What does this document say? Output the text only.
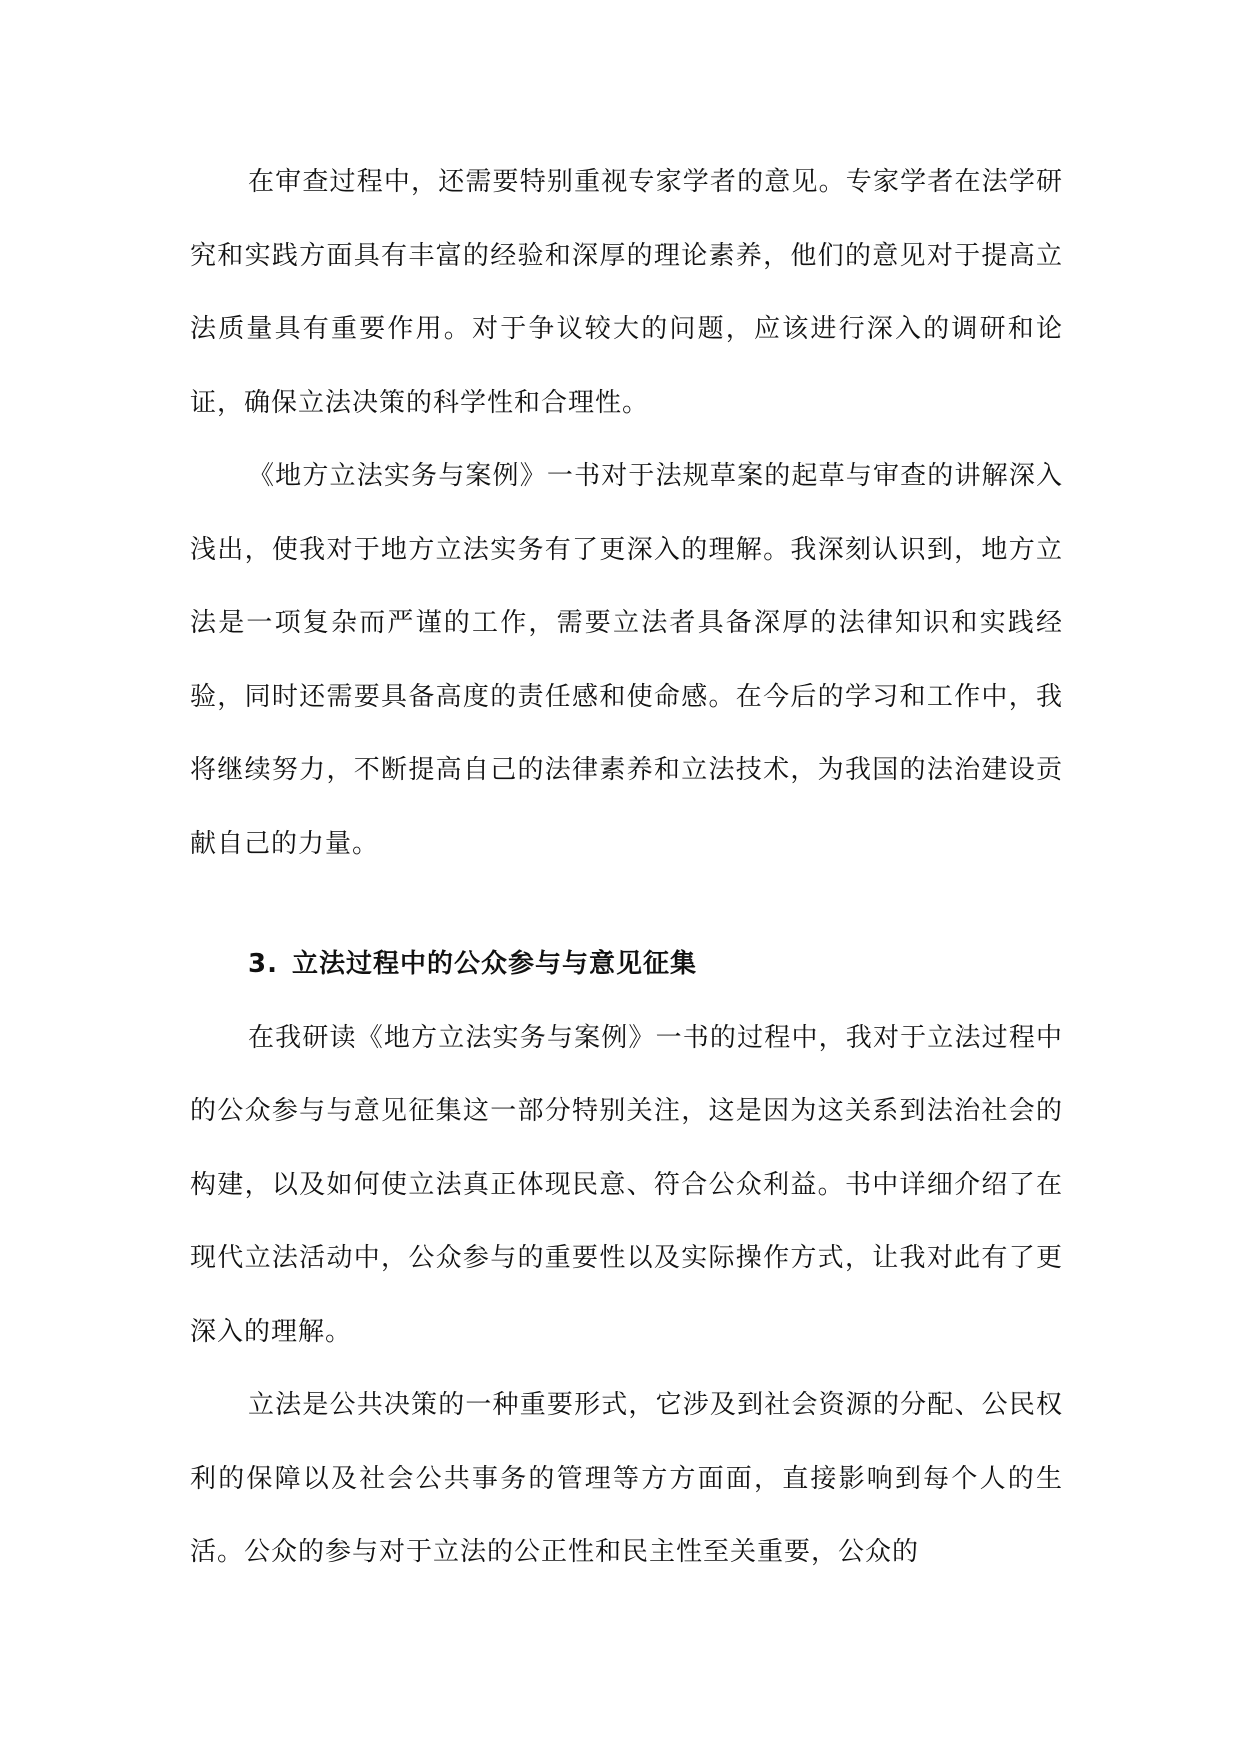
在审查过程中，还需要特别重视专家学者的意见。专家学者在法学研究和实践方面具有丰富的经验和深厚的理论素养，他们的意见对于提高立法质量具有重要作用。对于争议较大的问题，应该进行深入的调研和论证，确保立法决策的科学性和合理性。

《地方立法实务与案例》一书对于法规草案的起草与审查的讲解深入浅出，使我对于地方立法实务有了更深入的理解。我深刻认识到，地方立法是一项复杂而严谨的工作，需要立法者具备深厚的法律知识和实践经验，同时还需要具备高度的责任感和使命感。在今后的学习和工作中，我将继续努力，不断提高自己的法律素养和立法技术，为我国的法治建设贡献自己的力量。

3. 立法过程中的公众参与与意见征集

在我研读《地方立法实务与案例》一书的过程中，我对于立法过程中的公众参与与意见征集这一部分特别关注，这是因为这关系到法治社会的构建，以及如何使立法真正体现民意、符合公众利益。书中详细介绍了在现代立法活动中，公众参与的重要性以及实际操作方式，让我对此有了更深入的理解。

立法是公共决策的一种重要形式，它涉及到社会资源的分配、公民权利的保障以及社会公共事务的管理等方方面面，直接影响到每个人的生活。公众的参与对于立法的公正性和民主性至关重要，公众的
